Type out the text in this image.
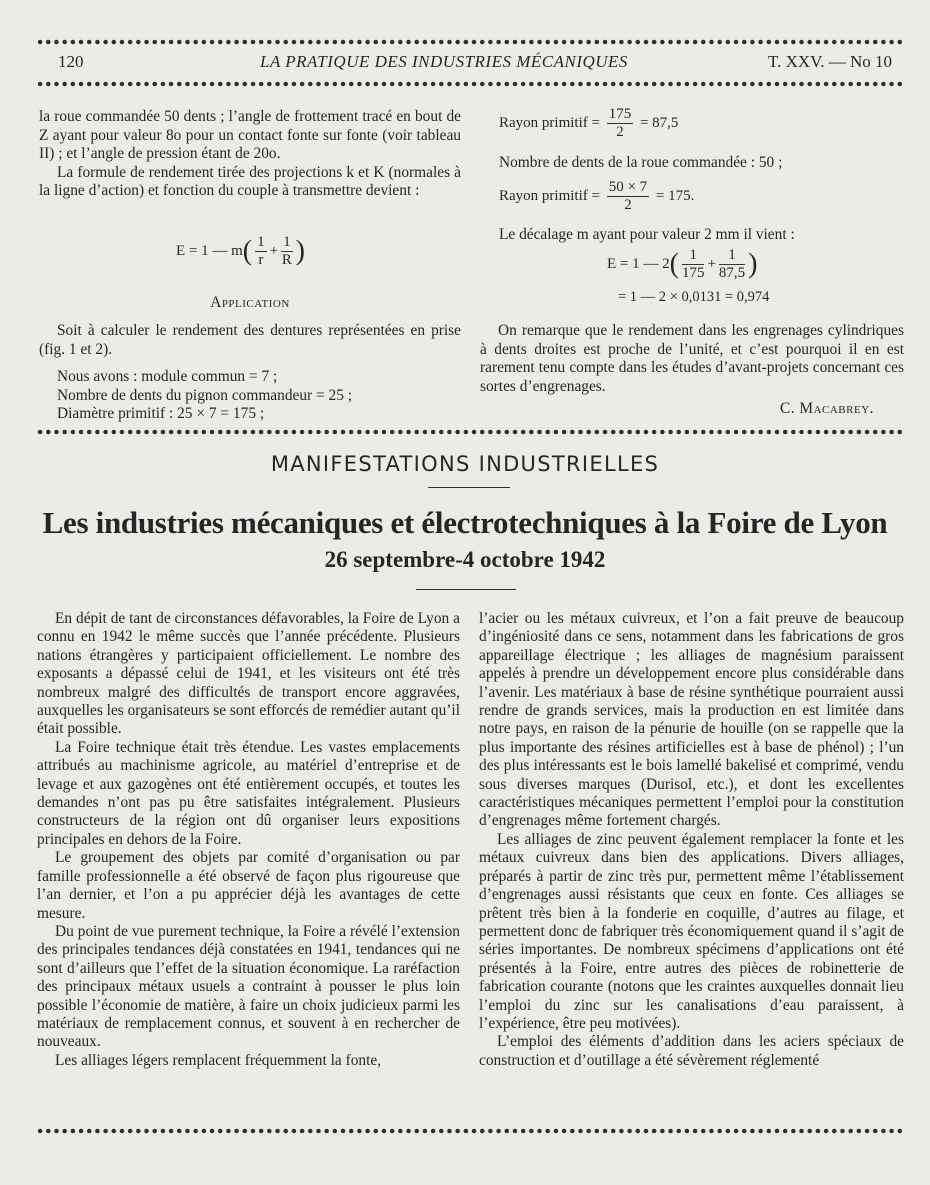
120	LA PRATIQUE DES INDUSTRIES MÉCANIQUES	T. XXV. — No 10

la roue commandée 50 dents ; l’angle de frottement tracé en bout de Z ayant pour valeur 8o pour un contact fonte sur fonte (voir tableau II) ; et l’angle de pression étant de 20o.

La formule de rendement tirée des projections k et K (normales à la ligne d’action) et fonction du couple à transmettre devient :

E = 1 — $m( \frac{1}{r} + \frac{1}{R}$ )
Application

Soit à calculer le rendement des dentures représentées en prise (fig. 1 et 2).

Nous avons : module commun = 7 ;

Nombre de dents du pignon commandeur = 25 ;

Diamètre primitif : 25 × 7 = 175 ;

Rayon primitif = $\frac{175}{2} = 87,5$

Nombre de dents de la roue commandée : 50 ;

Rayon primitif = $\frac{50 \times 7}{2} = 175$.

Le décalage m ayant pour valeur 2 mm il vient :

E = 1 — $2( \frac{1}{175} + \frac{1}{87,5}$ )
= 1 — 2 × 0,0131 = 0,974

On remarque que le rendement dans les engrenages cylindriques à dents droites est proche de l’unité, et c’est pourquoi il en est rarement tenu compte dans les études d’avant-projets concernant ces sortes d’engrenages.

C. Macabrey.
MANIFESTATIONS INDUSTRIELLES
Les industries mécaniques et électrotechniques à la Foire de Lyon
26 septembre-4 octobre 1942

En dépit de tant de circonstances défavorables, la Foire de Lyon a connu en 1942 le même succès que l’année précédente. Plusieurs nations étrangères y participaient officiellement. Le nombre des exposants a dépassé celui de 1941, et les visiteurs ont été très nombreux malgré des difficultés de transport encore aggravées, auxquelles les organisateurs se sont efforcés de remédier autant qu’il était possible.

La Foire technique était très étendue. Les vastes emplacements attribués au machinisme agricole, au matériel d’entreprise et de levage et aux gazogènes ont été entièrement occupés, et toutes les demandes n’ont pas pu être satisfaites intégralement. Plusieurs constructeurs de la région ont dû organiser leurs expositions principales en dehors de la Foire.

Le groupement des objets par comité d’organisation ou par famille professionnelle a été observé de façon plus rigoureuse que l’an dernier, et l’on a pu apprécier déjà les avantages de cette mesure.

Du point de vue purement technique, la Foire a révélé l’extension des principales tendances déjà constatées en 1941, tendances qui ne sont d’ailleurs que l’effet de la situation économique. La raréfaction des principaux métaux usuels a contraint à pousser le plus loin possible l’économie de matière, à faire un choix judicieux parmi les matériaux de remplacement connus, et souvent à en rechercher de nouveaux.

Les alliages légers remplacent fréquemment la fonte,

l’acier ou les métaux cuivreux, et l’on a fait preuve de beaucoup d’ingéniosité dans ce sens, notamment dans les fabrications de gros appareillage électrique ; les alliages de magnésium paraissent appelés à prendre un développement encore plus considérable dans l’avenir. Les matériaux à base de résine synthétique pourraient aussi rendre de grands services, mais la production en est limitée dans notre pays, en raison de la pénurie de houille (on se rappelle que la plus importante des résines artificielles est à base de phénol) ; l’un des plus intéressants est le bois lamellé bakelisé et comprimé, vendu sous diverses marques (Durisol, etc.), et dont les excellentes caractéristiques mécaniques permettent l’emploi pour la constitution d’engrenages même fortement chargés.

Les alliages de zinc peuvent également remplacer la fonte et les métaux cuivreux dans bien des applications. Divers alliages, préparés à partir de zinc très pur, permettent même l’établissement d’engrenages aussi résistants que ceux en fonte. Ces alliages se prêtent très bien à la fonderie en coquille, d’autres au filage, et permettent donc de fabriquer très économiquement quand il s’agit de séries importantes. De nombreux spécimens d’applications ont été présentés à la Foire, entre autres des pièces de robinetterie de fabrication courante (notons que les craintes auxquelles donnait lieu l’emploi du zinc sur les canalisations d’eau paraissent, à l’expérience, être peu motivées).

L’emploi des éléments d’addition dans les aciers spéciaux de construction et d’outillage a été sévèrement réglementé
